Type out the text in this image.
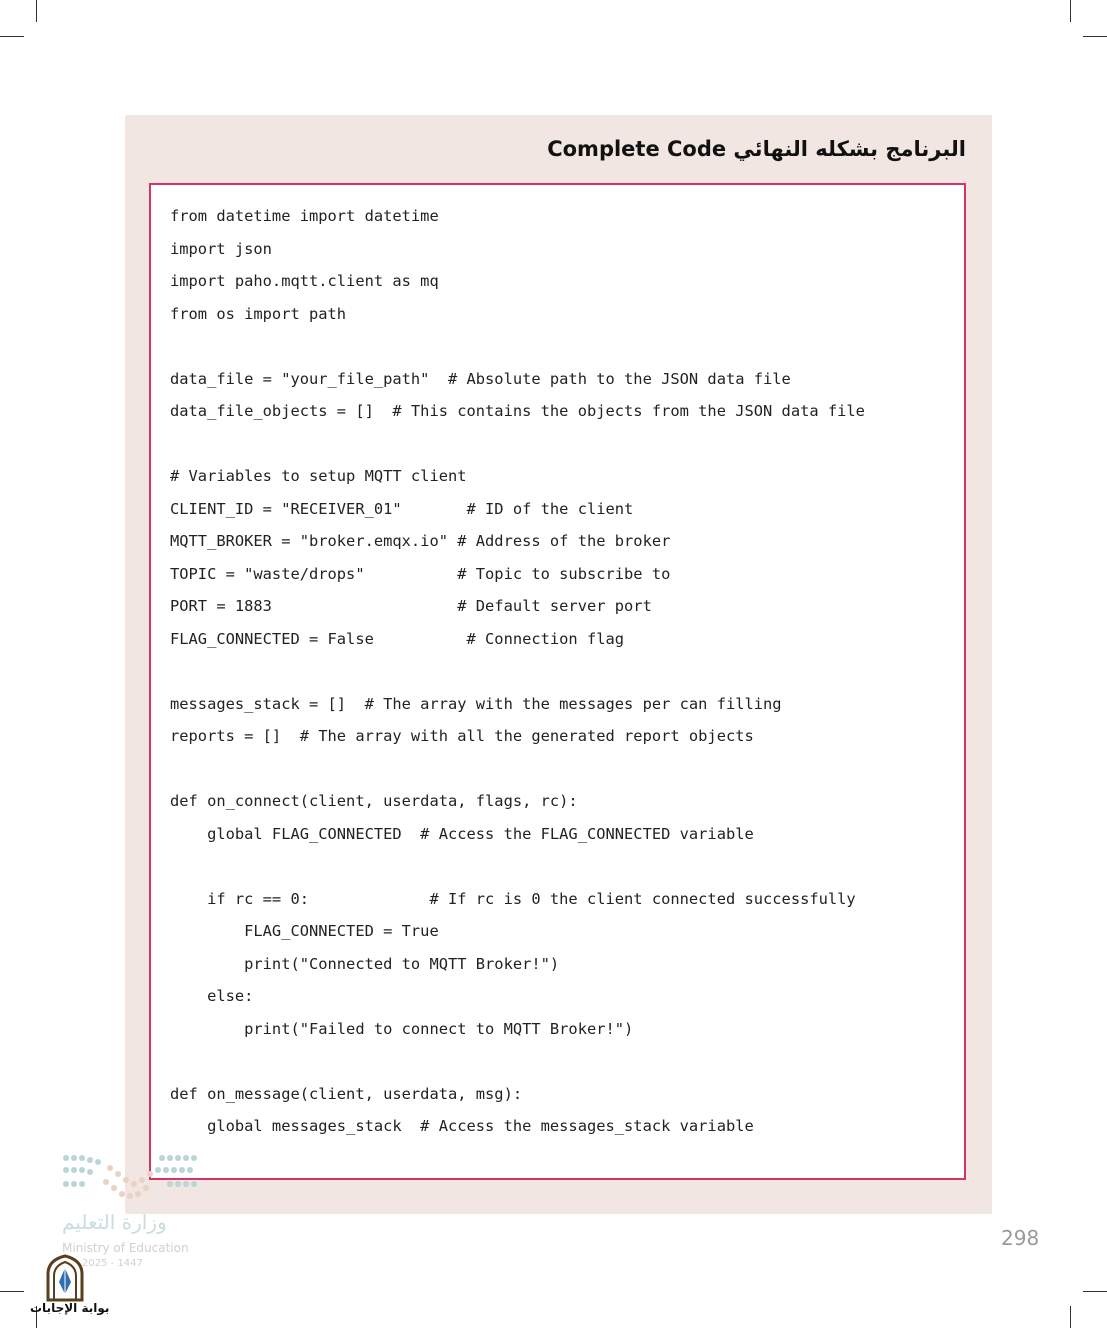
البرنامج بشكله النهائي Complete Code
from datetime import datetime
import json
import paho.mqtt.client as mq
from os import path
data_file = "your_file_path"  # Absolute path to the JSON data file
data_file_objects = []  # This contains the objects from the JSON data file
# Variables to setup MQTT client
CLIENT_ID = "RECEIVER_01"       # ID of the client
MQTT_BROKER = "broker.emqx.io" # Address of the broker
TOPIC = "waste/drops"          # Topic to subscribe to
PORT = 1883                    # Default server port
FLAG_CONNECTED = False          # Connection flag
messages_stack = []  # The array with the messages per can filling
reports = []  # The array with all the generated report objects
def on_connect(client, userdata, flags, rc):
global FLAG_CONNECTED  # Access the FLAG_CONNECTED variable
if rc == 0:             # If rc is 0 the client connected successfully
FLAG_CONNECTED = True
print("Connected to MQTT Broker!")
else:
print("Failed to connect to MQTT Broker!")
def on_message(client, userdata, msg):
global messages_stack  # Access the messages_stack variable
298
وزارة التعليم
Ministry of Education
2025 - 1447
بوابة الإجابات
